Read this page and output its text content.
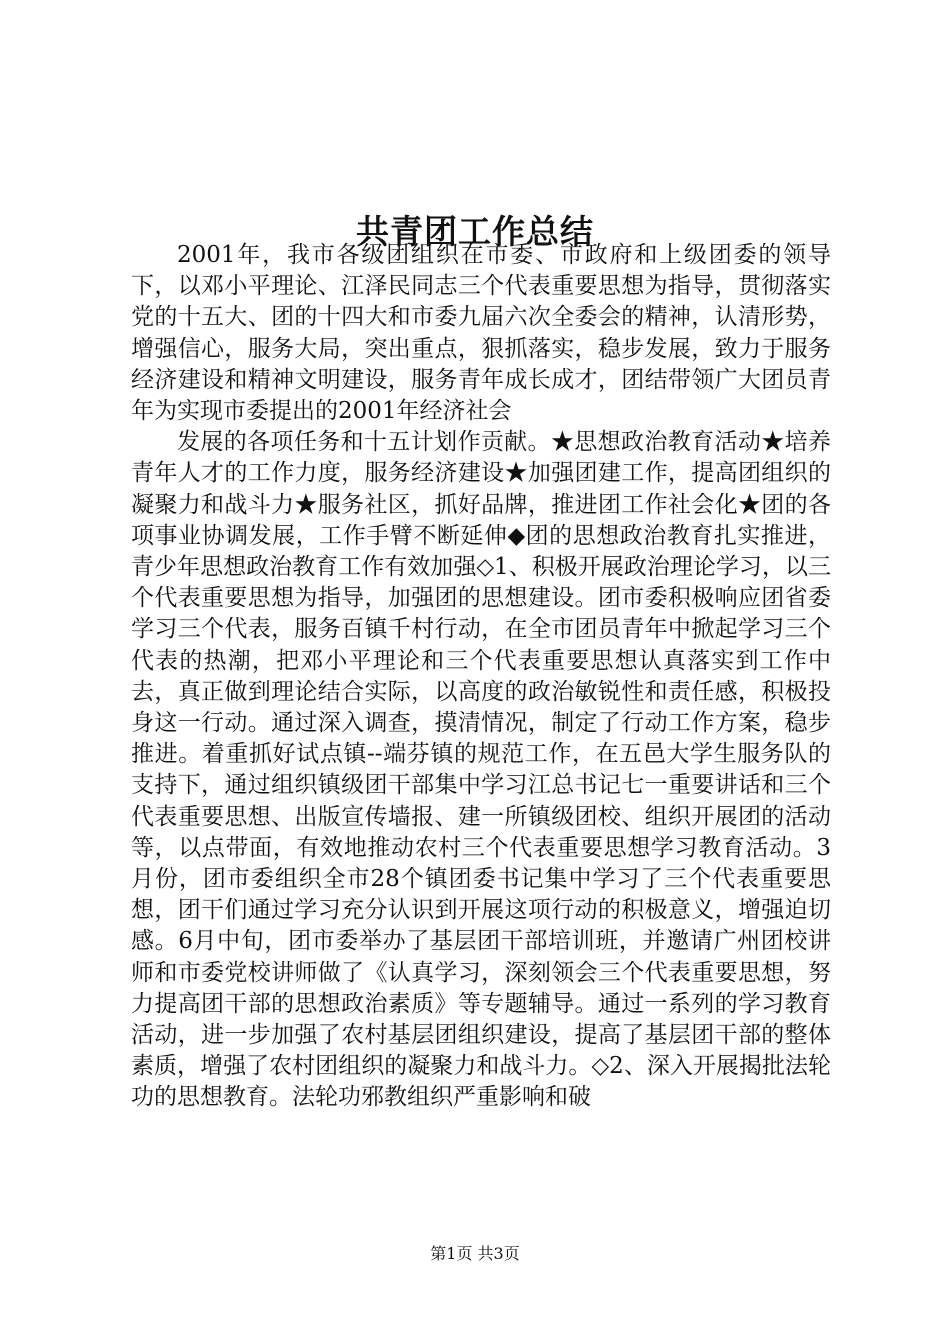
共青团工作总结

2001年，我市各级团组织在市委、市政府和上级团委的领导下，以邓小平理论、江泽民同志三个代表重要思想为指导，贯彻落实党的十五大、团的十四大和市委九届六次全委会的精神，认清形势，增强信心，服务大局，突出重点，狠抓落实，稳步发展，致力于服务经济建设和精神文明建设，服务青年成长成才，团结带领广大团员青年为实现市委提出的2001年经济社会

发展的各项任务和十五计划作贡献。★思想政治教育活动★培养青年人才的工作力度，服务经济建设★加强团建工作，提高团组织的凝聚力和战斗力★服务社区，抓好品牌，推进团工作社会化★团的各项事业协调发展，工作手臂不断延伸◆团的思想政治教育扎实推进，青少年思想政治教育工作有效加强◇1、积极开展政治理论学习，以三个代表重要思想为指导，加强团的思想建设。团市委积极响应团省委学习三个代表，服务百镇千村行动，在全市团员青年中掀起学习三个代表的热潮，把邓小平理论和三个代表重要思想认真落实到工作中去，真正做到理论结合实际，以高度的政治敏锐性和责任感，积极投身这一行动。通过深入调查，摸清情况，制定了行动工作方案，稳步推进。着重抓好试点镇--端芬镇的规范工作，在五邑大学生服务队的支持下，通过组织镇级团干部集中学习江总书记七一重要讲话和三个代表重要思想、出版宣传墙报、建一所镇级团校、组织开展团的活动等，以点带面，有效地推动农村三个代表重要思想学习教育活动。3月份，团市委组织全市28个镇团委书记集中学习了三个代表重要思想，团干们通过学习充分认识到开展这项行动的积极意义，增强迫切感。6月中旬，团市委举办了基层团干部培训班，并邀请广州团校讲师和市委党校讲师做了《认真学习，深刻领会三个代表重要思想，努力提高团干部的思想政治素质》等专题辅导。通过一系列的学习教育活动，进一步加强了农村基层团组织建设，提高了基层团干部的整体素质，增强了农村团组织的凝聚力和战斗力。◇2、深入开展揭批法轮功的思想教育。法轮功邪教组织严重影响和破

第1页 共3页
